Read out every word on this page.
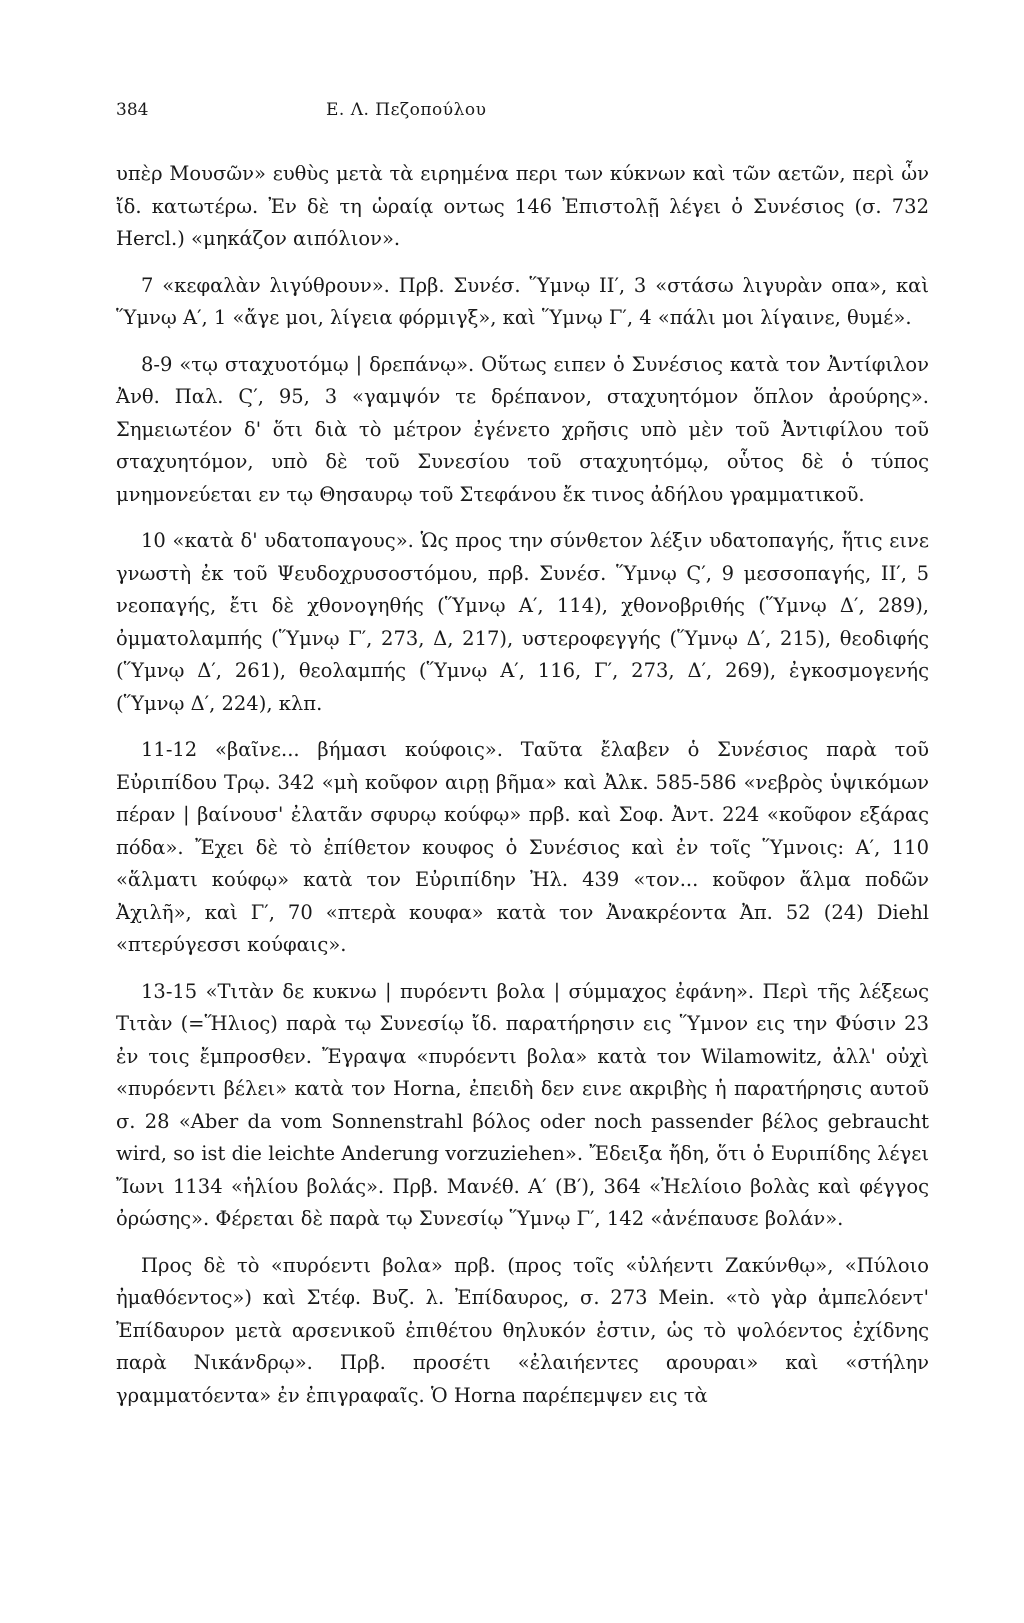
384	Ε. Λ. Πεζοπούλου

υπὲρ Μουσῶν» ευθὺς μετὰ τὰ ειρημένα περι των κύκνων καὶ τῶν αετῶν, περὶ ὧν ἴδ. κατωτέρω. Ἐν δὲ τη ὡραίᾳ οντως 146 Ἐπιστολῇ λέγει ὁ Συνέσιος (σ. 732 Hercl.) «μηκάζον αιπόλιον».

7 «κεφαλὰν λιγύθρουν». Πρβ. Συνέσ. Ὕμνῳ ΙΙ′, 3 «στάσω λιγυρὰν οπα», καὶ Ὕμνῳ Α′, 1 «ἄγε μοι, λίγεια φόρμιγξ», καὶ Ὕμνῳ Γ′, 4 «πάλι μοι λίγαινε, θυμέ».

8-9 «τῳ σταχυοτόμῳ | δρεπάνῳ». Οὕτως ειπεν ὁ Συνέσιος κατὰ τον Ἀντίφιλον Ἀνθ. Παλ. Ϛ′, 95, 3 «γαμψόν τε δρέπανον, σταχυητόμον ὅπλον ἀρούρης». Σημειωτέον δ' ὅτι διὰ τὸ μέτρον ἐγένετο χρῆσις υπὸ μὲν τοῦ Ἀντιφίλου τοῦ σταχυητόμον, υπὸ δὲ τοῦ Συνεσίου τοῦ σταχυητόμῳ, οὗτος δὲ ὁ τύπος μνημονεύεται εν τῳ Θησαυρῳ τοῦ Στεφάνου ἔκ τινος ἀδήλου γραμματικοῦ.

10 «κατὰ δ' υδατοπαγους». Ὡς προς την σύνθετον λέξιν υδατοπαγής, ἥτις εινε γνωστὴ ἐκ τοῦ Ψευδοχρυσοστόμου, πρβ. Συνέσ. Ὕμνῳ Ϛ′, 9 μεσσοπαγής, ΙΙ′, 5 νεοπαγής, ἔτι δὲ χθονογηθής (Ὕμνῳ Α′, 114), χθονοβριθής (Ὕμνῳ Δ′, 289), ὀμματολαμπής (Ὕμνῳ Γ′, 273, Δ, 217), υστεροφεγγής (Ὕμνῳ Δ′, 215), θεοδιφής (Ὕμνῳ Δ′, 261), θεολαμπής (Ὕμνῳ Α′, 116, Γ′, 273, Δ′, 269), ἐγκοσμογενής (Ὕμνῳ Δ′, 224), κλπ.

11-12 «βαῖνε... βήμασι κούφοις». Ταῦτα ἔλαβεν ὁ Συνέσιος παρὰ τοῦ Εὐριπίδου Τρῳ. 342 «μὴ κοῦφον αιρῃ βῆμα» καὶ Ἀλκ. 585-586 «νεβρὸς ὑψικόμων πέραν | βαίνουσ' ἐλατᾶν σφυρῳ κούφῳ» πρβ. καὶ Σοφ. Ἀντ. 224 «κοῦφον εξάρας πόδα». Ἔχει δὲ τὸ ἐπίθετον κουφος ὁ Συνέσιος καὶ ἐν τοῖς Ὕμνοις: Α′, 110 «ἅλματι κούφῳ» κατὰ τον Εὐριπίδην Ἠλ. 439 «τον... κοῦφον ἅλμα ποδῶν Ἀχιλῆ», καὶ Γ′, 70 «πτερὰ κουφα» κατὰ τον Ἀνακρέοντα Ἀπ. 52 (24) Diehl «πτερύγεσσι κούφαις».

13-15 «Τιτὰν δε κυκνω | πυρόεντι βολα | σύμμαχος ἐφάνη». Περὶ τῆς λέξεως Τιτὰν (=Ἥλιος) παρὰ τῳ Συνεσίῳ ἴδ. παρατήρησιν εις Ὕμνον εις την Φύσιν 23 ἐν τοις ἔμπροσθεν. Ἔγραψα «πυρόεντι βολα» κατὰ τον Wilamowitz, ἀλλ' οὐχὶ «πυρόεντι βέλει» κατὰ τον Horna, ἐπειδὴ δεν εινε ακριβὴς ἡ παρατήρησις αυτοῦ σ. 28 «Aber da vom Sonnenstrahl βόλος oder noch passender βέλος gebraucht wird, so ist die leichte Anderung vorzuziehen». Ἔδειξα ἤδη, ὅτι ὁ Ευριπίδης λέγει Ἴωνι 1134 «ἡλίου βολάς». Πρβ. Μανέθ. Α′ (Β′), 364 «Ἠελίοιο βολὰς καὶ φέγγος ὀρώσης». Φέρεται δὲ παρὰ τῳ Συνεσίῳ Ὕμνῳ Γ′, 142 «ἀνέπαυσε βολάν».

Προς δὲ τὸ «πυρόεντι βολα» πρβ. (προς τοῖς «ὑλήεντι Ζακύνθῳ», «Πύλοιο ἠμαθόεντος») καὶ Στέφ. Βυζ. λ. Ἐπίδαυρος, σ. 273 Mein. «τὸ γὰρ ἀμπελόεντ' Ἐπίδαυρον μετὰ αρσενικοῦ ἐπιθέτου θηλυκόν ἐστιν, ὡς τὸ ψολόεντος ἐχίδνης παρὰ Νικάνδρῳ». Πρβ. προσέτι «ἐλαιήεντες αρουραι» καὶ «στήλην γραμματόεντα» ἐν ἐπιγραφαῖς. Ὁ Horna παρέπεμψεν εις τὰ
